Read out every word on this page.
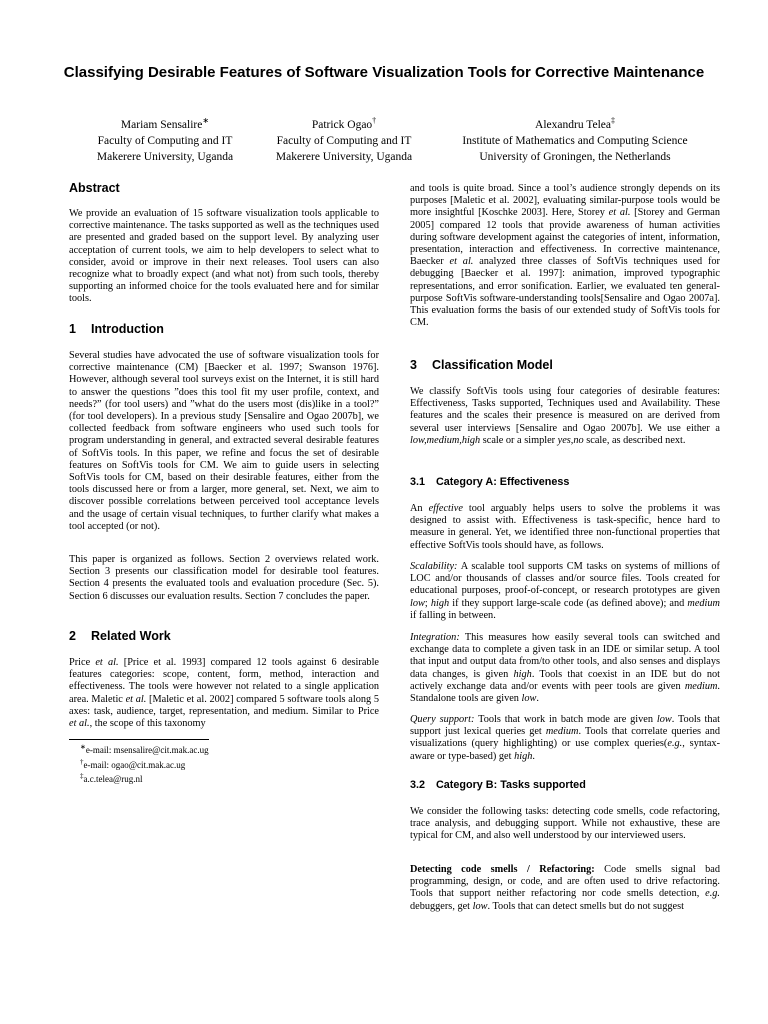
Classifying Desirable Features of Software Visualization Tools for Corrective Maintenance
Mariam Sensalire∗
Faculty of Computing and IT
Makerere University, Uganda
Patrick Ogao†
Faculty of Computing and IT
Makerere University, Uganda
Alexandru Telea‡
Institute of Mathematics and Computing Science
University of Groningen, the Netherlands
Abstract
We provide an evaluation of 15 software visualization tools applicable to corrective maintenance. The tasks supported as well as the techniques used are presented and graded based on the support level. By analyzing user acceptation of current tools, we aim to help developers to select what to consider, avoid or improve in their next releases. Tool users can also recognize what to broadly expect (and what not) from such tools, thereby supporting an informed choice for the tools evaluated here and for similar tools.
1 Introduction
Several studies have advocated the use of software visualization tools for corrective maintenance (CM) [Baecker et al. 1997; Swanson 1976]. However, although several tool surveys exist on the Internet, it is still hard to answer the questions ”does this tool fit my user profile, context, and needs?” (for tool users) and ”what do the users most (dis)like in a tool?” (for tool developers). In a previous study [Sensalire and Ogao 2007b], we collected feedback from software engineers who used such tools for program understanding in general, and extracted several desirable features of SoftVis tools. In this paper, we refine and focus the set of desirable features on SoftVis tools for CM. We aim to guide users in selecting SoftVis tools for CM, based on their desirable features, either from the tools discussed here or from a larger, more general, set. Next, we aim to discover possible correlations between perceived tool acceptance levels and the usage of certain visual techniques, to further clarify what makes a tool accepted (or not).
This paper is organized as follows. Section 2 overviews related work. Section 3 presents our classification model for desirable tool features. Section 4 presents the evaluated tools and evaluation procedure (Sec. 5). Section 6 discusses our evaluation results. Section 7 concludes the paper.
2 Related Work
Price et al. [Price et al. 1993] compared 12 tools against 6 desirable features categories: scope, content, form, method, interaction and effectiveness. The tools were however not related to a single application area. Maletic et al. [Maletic et al. 2002] compared 5 software tools along 5 axes: task, audience, target, representation, and medium. Similar to Price et al., the scope of this taxonomy
∗e-mail: msensalire@cit.mak.ac.ug
†e-mail: ogao@cit.mak.ac.ug
‡a.c.telea@rug.nl
and tools is quite broad. Since a tool’s audience strongly depends on its purposes [Maletic et al. 2002], evaluating similar-purpose tools would be more insightful [Koschke 2003]. Here, Storey et al. [Storey and German 2005] compared 12 tools that provide awareness of human activities during software development against the categories of intent, information, presentation, interaction and effectiveness. In corrective maintenance, Baecker et al. analyzed three classes of SoftVis techniques used for debugging [Baecker et al. 1997]: animation, improved typographic representations, and error sonification. Earlier, we evaluated ten general-purpose SoftVis software-understanding tools[Sensalire and Ogao 2007a]. This evaluation forms the basis of our extended study of SoftVis tools for CM.
3 Classification Model
We classify SoftVis tools using four categories of desirable features: Effectiveness, Tasks supported, Techniques used and Availability. These features and the scales their presence is measured on are derived from several user interviews [Sensalire and Ogao 2007b]. We use either a low,medium,high scale or a simpler yes,no scale, as described next.
3.1 Category A: Effectiveness
An effective tool arguably helps users to solve the problems it was designed to assist with. Effectiveness is task-specific, hence hard to measure in general. Yet, we identified three non-functional properties that effective SoftVis tools should have, as follows.
Scalability: A scalable tool supports CM tasks on systems of millions of LOC and/or thousands of classes and/or source files. Tools created for educational purposes, proof-of-concept, or research prototypes are given low; high if they support large-scale code (as defined above); and medium if falling in between.
Integration: This measures how easily several tools can switched and exchange data to complete a given task in an IDE or similar setup. A tool that input and output data from/to other tools, and also senses and displays data changes, is given high. Tools that coexist in an IDE but do not actively exchange data and/or events with peer tools are given medium. Standalone tools are given low.
Query support: Tools that work in batch mode are given low. Tools that support just lexical queries get medium. Tools that correlate queries and visualizations (query highlighting) or use complex queries(e.g., syntax-aware or type-based) get high.
3.2 Category B: Tasks supported
We consider the following tasks: detecting code smells, code refactoring, trace analysis, and debugging support. While not exhaustive, these are typical for CM, and also well understood by our interviewed users.
Detecting code smells / Refactoring: Code smells signal bad programming, design, or code, and are often used to drive refactoring. Tools that support neither refactoring nor code smells detection, e.g. debuggers, get low. Tools that can detect smells but do not suggest
